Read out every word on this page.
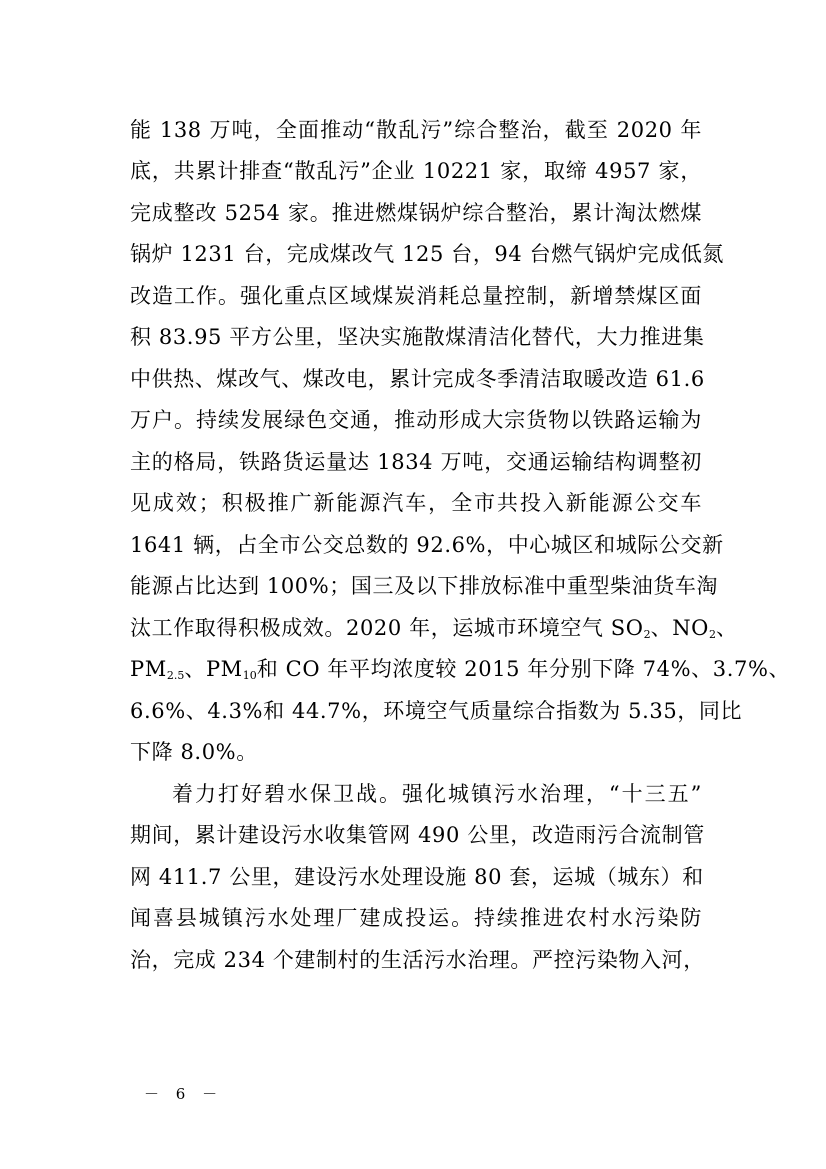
能 138 万吨，全面推动“散乱污”综合整治，截至 2020 年
底，共累计排查“散乱污”企业 10221 家，取缔 4957 家，
完成整改 5254 家。推进燃煤锅炉综合整治，累计淘汰燃煤
锅炉 1231 台，完成煤改气 125 台，94 台燃气锅炉完成低氮
改造工作。强化重点区域煤炭消耗总量控制，新增禁煤区面
积 83.95 平方公里，坚决实施散煤清洁化替代，大力推进集
中供热、煤改气、煤改电，累计完成冬季清洁取暖改造 61.6
万户。持续发展绿色交通，推动形成大宗货物以铁路运输为
主的格局，铁路货运量达 1834 万吨，交通运输结构调整初
见成效；积极推广新能源汽车，全市共投入新能源公交车
1641 辆，占全市公交总数的 92.6%，中心城区和城际公交新
能源占比达到 100%；国三及以下排放标准中重型柴油货车淘
汰工作取得积极成效。2020 年，运城市环境空气 $SO_2$、$NO_2$、
$PM_{2.5}$、$PM_{10}$和 CO 年平均浓度较 2015 年分别下降 74%、3.7%、
6.6%、4.3%和 44.7%，环境空气质量综合指数为 5.35，同比
下降 8.0%。
着力打好碧水保卫战。强化城镇污水治理，“十三五”
期间，累计建设污水收集管网 490 公里，改造雨污合流制管
网 411.7 公里，建设污水处理设施 80 套，运城（城东）和
闻喜县城镇污水处理厂建成投运。持续推进农村水污染防
治，完成 234 个建制村的生活污水治理。严控污染物入河，
－ 6 －
